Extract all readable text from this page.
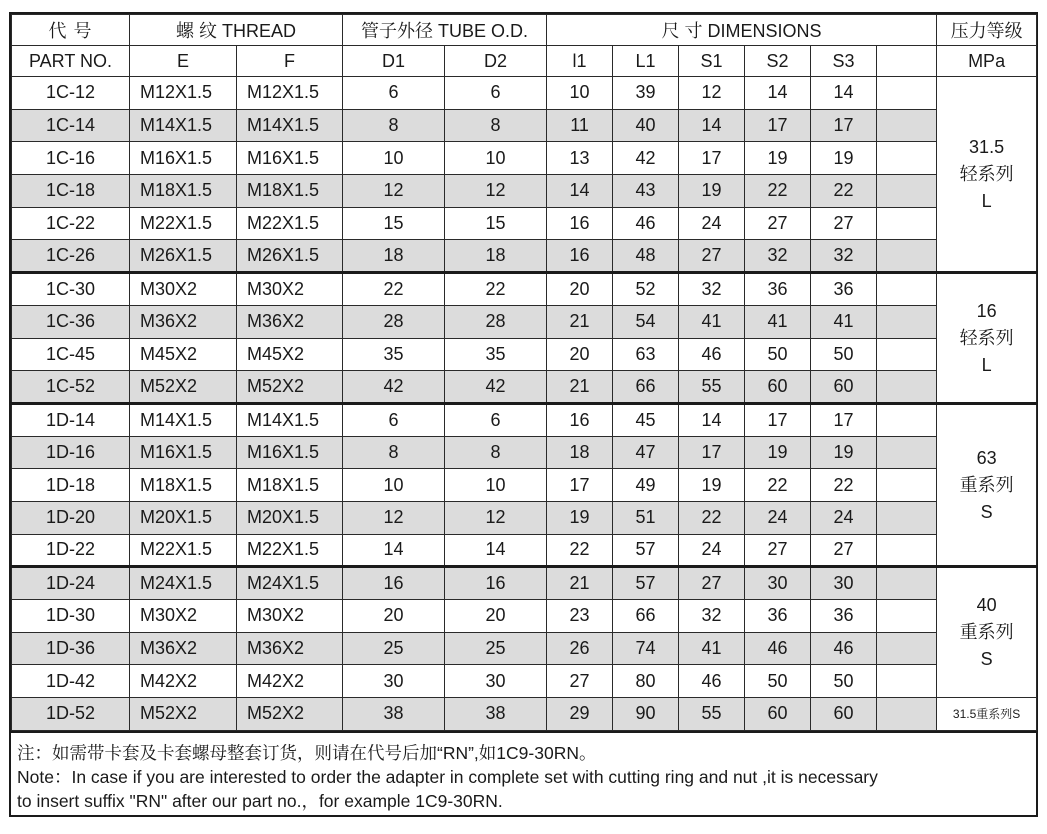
代 号	螺 纹 THREAD		管子外径 TUBE O.D.		尺 寸 DIMENSIONS						压力等级
PART NO.	E	F	D1	D2	l1	L1	S1	S2	S3		MPa
1C-12	M12X1.5	M12X1.5	6	6	10	39	12	14	14		31.5
轻系列
L

1C-14	M14X1.5	M14X1.5	8	8	11	40	14	17	17		
1C-16	M16X1.5	M16X1.5	10	10	13	42	17	19	19		
1C-18	M18X1.5	M18X1.5	12	12	14	43	19	22	22		
1C-22	M22X1.5	M22X1.5	15	15	16	46	24	27	27		
1C-26	M26X1.5	M26X1.5	18	18	16	48	27	32	32		
1C-30	M30X2	M30X2	22	22	20	52	32	36	36		16
轻系列
L

1C-36	M36X2	M36X2	28	28	21	54	41	41	41		
1C-45	M45X2	M45X2	35	35	20	63	46	50	50		
1C-52	M52X2	M52X2	42	42	21	66	55	60	60		
1D-14	M14X1.5	M14X1.5	6	6	16	45	14	17	17		63
重系列
S

1D-16	M16X1.5	M16X1.5	8	8	18	47	17	19	19		
1D-18	M18X1.5	M18X1.5	10	10	17	49	19	22	22		
1D-20	M20X1.5	M20X1.5	12	12	19	51	22	24	24		
1D-22	M22X1.5	M22X1.5	14	14	22	57	24	27	27		
1D-24	M24X1.5	M24X1.5	16	16	21	57	27	30	30		40
重系列
S

1D-30	M30X2	M30X2	20	20	23	66	32	36	36		
1D-36	M36X2	M36X2	25	25	26	74	41	46	46		
1D-42	M42X2	M42X2	30	30	27	80	46	50	50		
1D-52	M52X2	M52X2	38	38	29	90	55	60	60		31.5重系列S
注：如需带卡套及卡套螺母整套订货，则请在代号后加“RN”,如1C9-30RN。
Note：In case if you are interested to order the adapter in complete set with cutting ring and nut ,it is necessary
to insert suffix "RN" after our part no.，for example 1C9-30RN.
